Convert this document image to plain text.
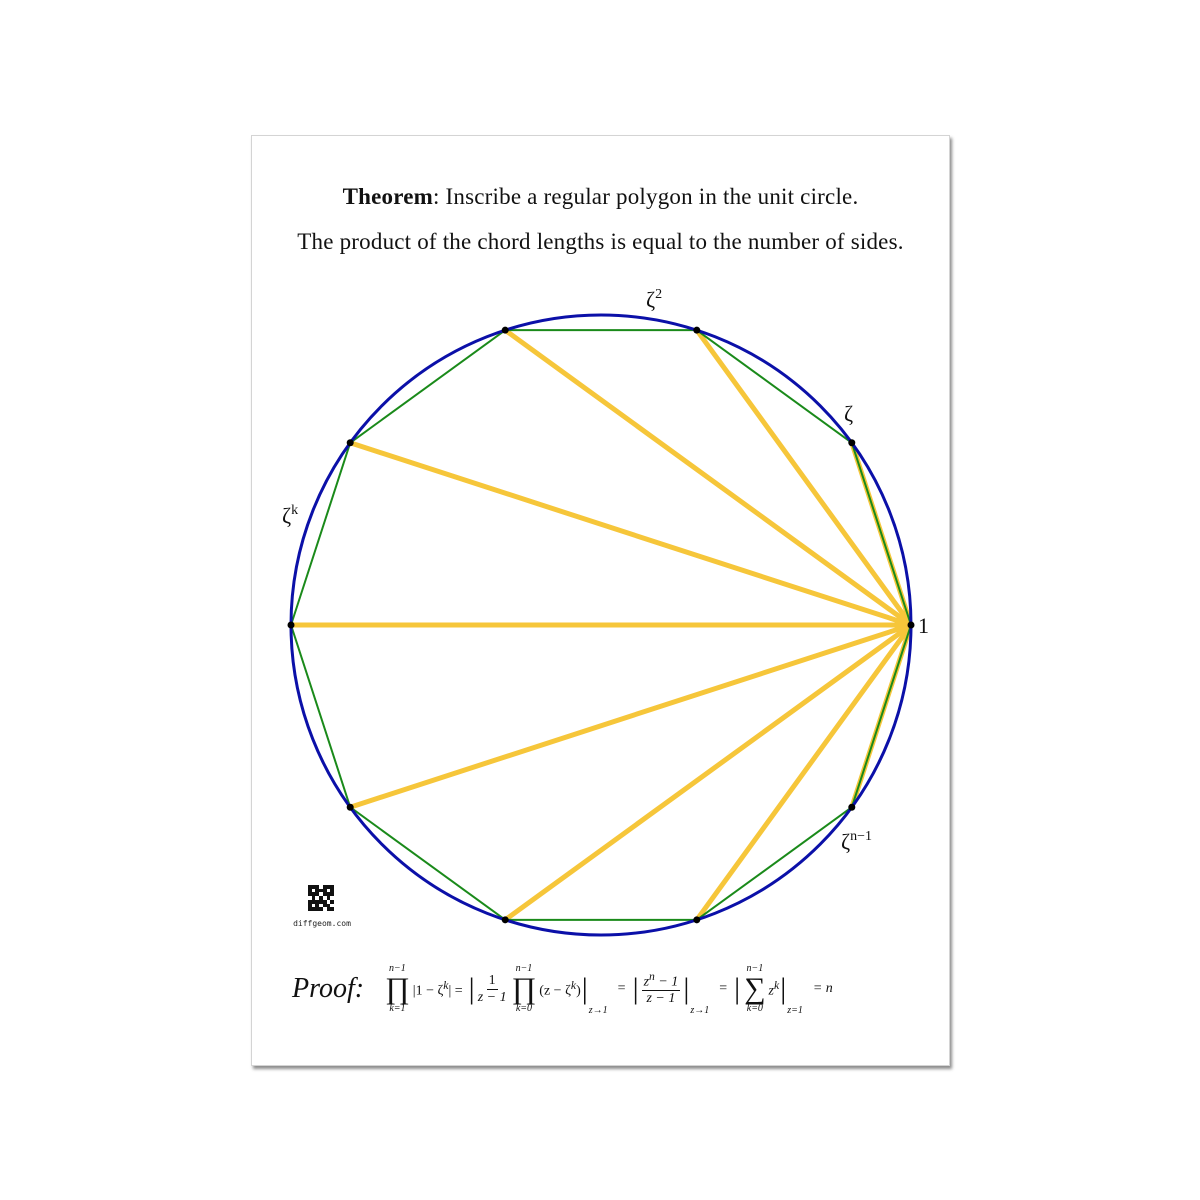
Theorem: Inscribe a regular polygon in the unit circle.
The product of the chord lengths is equal to the number of sides.
1
ζ
$\zeta^2$
$\zeta^k$
$\zeta^{n-1}$
diffgeom.com
Proof:
n−1
∏
k=1
$|1 - \zeta^k|$ = | $\frac{1}{z - 1}$
n−1
∏
k=0
$(z - \zeta^k)$ |
z→1
= | $\frac{z^n - 1}{z - 1}$ |
z→1
= |
n−1
∑
k=0
$z^k$ |
z=1
= n
